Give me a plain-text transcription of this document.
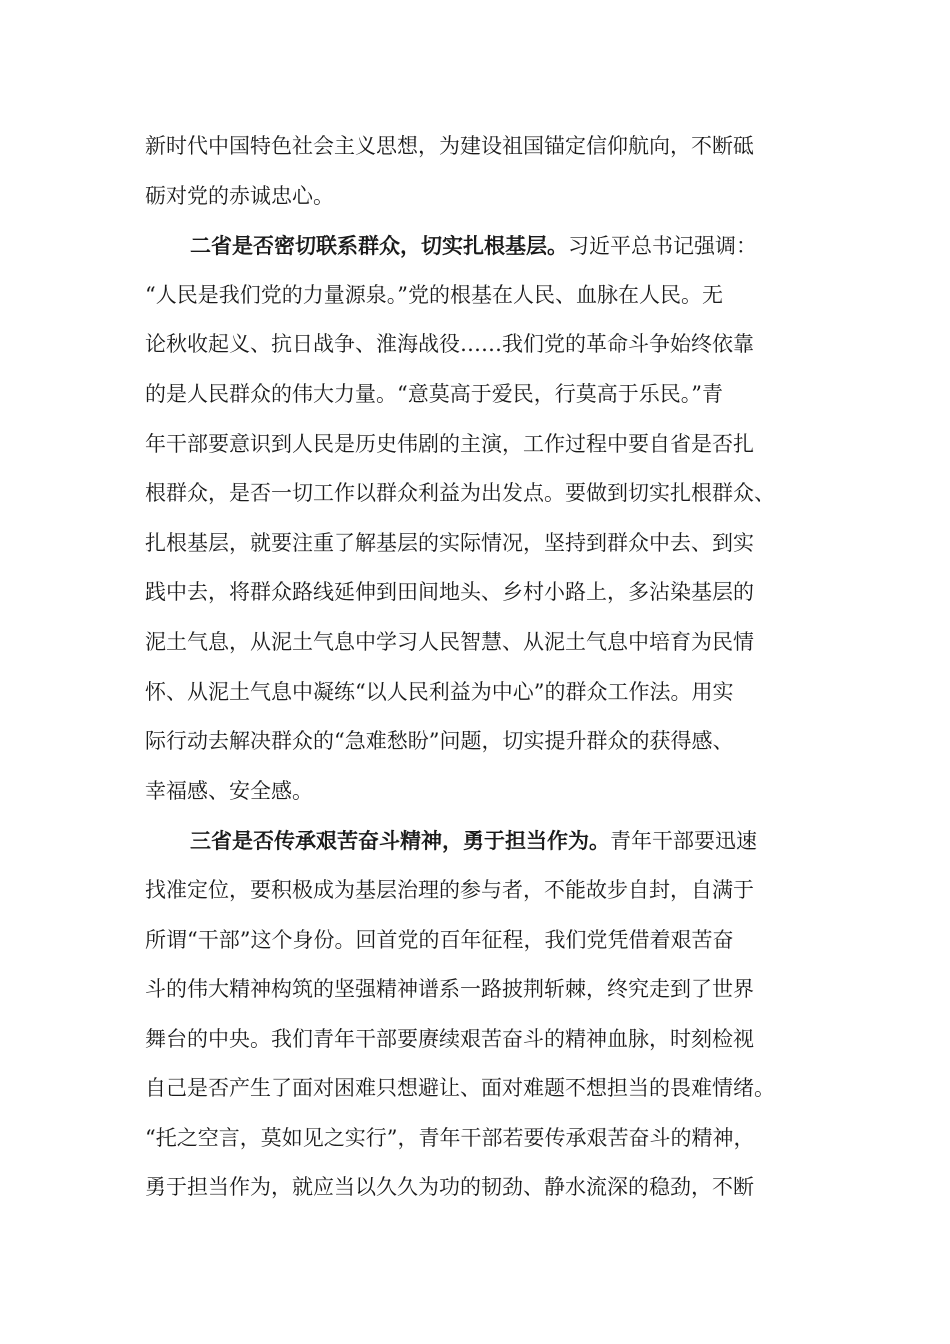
新时代中国特色社会主义思想，为建设祖国锚定信仰航向，不断砥
砺对党的赤诚忠心。
二省是否密切联系群众，切实扎根基层。习近平总书记强调：
“人民是我们党的力量源泉。”党的根基在人民、血脉在人民。无
论秋收起义、抗日战争、淮海战役……我们党的革命斗争始终依靠
的是人民群众的伟大力量。“意莫高于爱民，行莫高于乐民。”青
年干部要意识到人民是历史伟剧的主演，工作过程中要自省是否扎
根群众，是否一切工作以群众利益为出发点。要做到切实扎根群众、
扎根基层，就要注重了解基层的实际情况，坚持到群众中去、到实
践中去，将群众路线延伸到田间地头、乡村小路上，多沾染基层的
泥土气息，从泥土气息中学习人民智慧、从泥土气息中培育为民情
怀、从泥土气息中凝练“以人民利益为中心”的群众工作法。用实
际行动去解决群众的“急难愁盼”问题，切实提升群众的获得感、
幸福感、安全感。
三省是否传承艰苦奋斗精神，勇于担当作为。青年干部要迅速
找准定位，要积极成为基层治理的参与者，不能故步自封，自满于
所谓“干部”这个身份。回首党的百年征程，我们党凭借着艰苦奋
斗的伟大精神构筑的坚强精神谱系一路披荆斩棘，终究走到了世界
舞台的中央。我们青年干部要赓续艰苦奋斗的精神血脉，时刻检视
自己是否产生了面对困难只想避让、面对难题不想担当的畏难情绪。
“托之空言，莫如见之实行”，青年干部若要传承艰苦奋斗的精神，
勇于担当作为，就应当以久久为功的韧劲、静水流深的稳劲，不断
